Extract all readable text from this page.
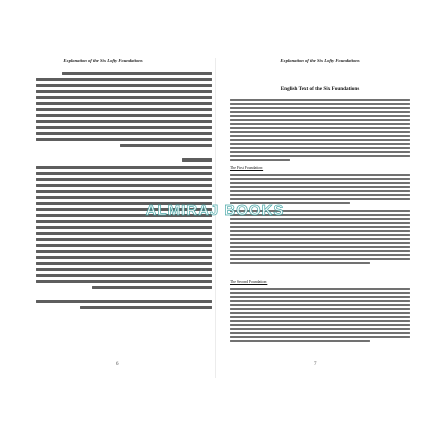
Explanation of the Six Lofty Foundations
6
Explanation of the Six Lofty Foundations
English Text of the Six Foundations
The First Foundation:
The Second Foundation:
7
ALMIRAJ BOOKS
